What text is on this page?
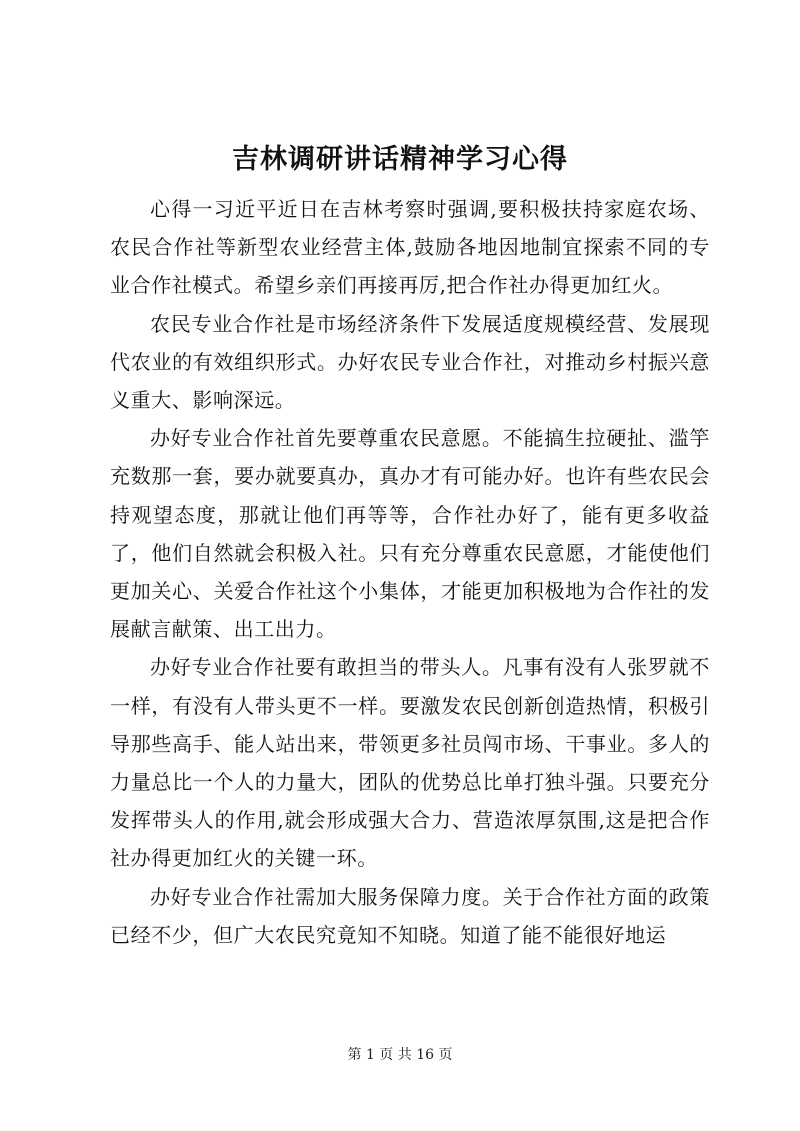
吉林调研讲话精神学习心得

心得一习近平近日在吉林考察时强调,要积极扶持家庭农场、农民合作社等新型农业经营主体,鼓励各地因地制宜探索不同的专业合作社模式。希望乡亲们再接再厉,把合作社办得更加红火。

农民专业合作社是市场经济条件下发展适度规模经营、发展现代农业的有效组织形式。办好农民专业合作社，对推动乡村振兴意义重大、影响深远。

办好专业合作社首先要尊重农民意愿。不能搞生拉硬扯、滥竽充数那一套，要办就要真办，真办才有可能办好。也许有些农民会持观望态度，那就让他们再等等，合作社办好了，能有更多收益了，他们自然就会积极入社。只有充分尊重农民意愿，才能使他们更加关心、关爱合作社这个小集体，才能更加积极地为合作社的发展献言献策、出工出力。

办好专业合作社要有敢担当的带头人。凡事有没有人张罗就不一样，有没有人带头更不一样。要激发农民创新创造热情，积极引导那些高手、能人站出来，带领更多社员闯市场、干事业。多人的力量总比一个人的力量大，团队的优势总比单打独斗强。只要充分发挥带头人的作用,就会形成强大合力、营造浓厚氛围,这是把合作社办得更加红火的关键一环。

办好专业合作社需加大服务保障力度。关于合作社方面的政策已经不少，但广大农民究竟知不知晓。知道了能不能很好地运

第 1 页 共 16 页
